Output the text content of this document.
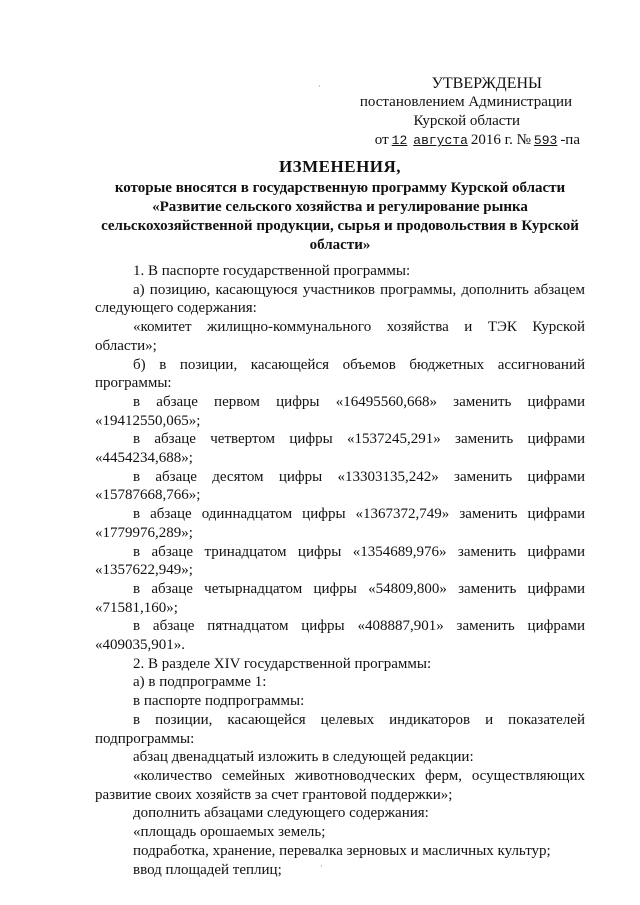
УТВЕРЖДЕНЫ
постановлением Администрации
Курской области
от 12 августа 2016 г. № 593 -па
ИЗМЕНЕНИЯ,
которые вносятся в государственную программу Курской области
«Развитие сельского хозяйства и регулирование рынка
сельскохозяйственной продукции, сырья и продовольствия в Курской
области»

1. В паспорте государственной программы:

а) позицию, касающуюся участников программы, дополнить абзацем следующего содержания:

«комитет жилищно-коммунального хозяйства и ТЭК Курской области»;

б) в позиции, касающейся объемов бюджетных ассигнований программы:

в абзаце первом цифры «16495560,668» заменить цифрами «19412550,065»;

в абзаце четвертом цифры «1537245,291» заменить цифрами «4454234,688»;

в абзаце десятом цифры «13303135,242» заменить цифрами «15787668,766»;

в абзаце одиннадцатом цифры «1367372,749» заменить цифрами «1779976,289»;

в абзаце тринадцатом цифры «1354689,976» заменить цифрами «1357622,949»;

в абзаце четырнадцатом цифры «54809,800» заменить цифрами «71581,160»;

в абзаце пятнадцатом цифры «408887,901» заменить цифрами «409035,901».

2. В разделе XIV государственной программы:

а) в подпрограмме 1:

в паспорте подпрограммы:

в позиции, касающейся целевых индикаторов и показателей подпрограммы:

абзац двенадцатый изложить в следующей редакции:

«количество семейных животноводческих ферм, осуществляющих развитие своих хозяйств за счет грантовой поддержки»;

дополнить абзацами следующего содержания:

«площадь орошаемых земель;

подработка, хранение, перевалка зерновых и масличных культур;

ввод площадей теплиц;

·
·
